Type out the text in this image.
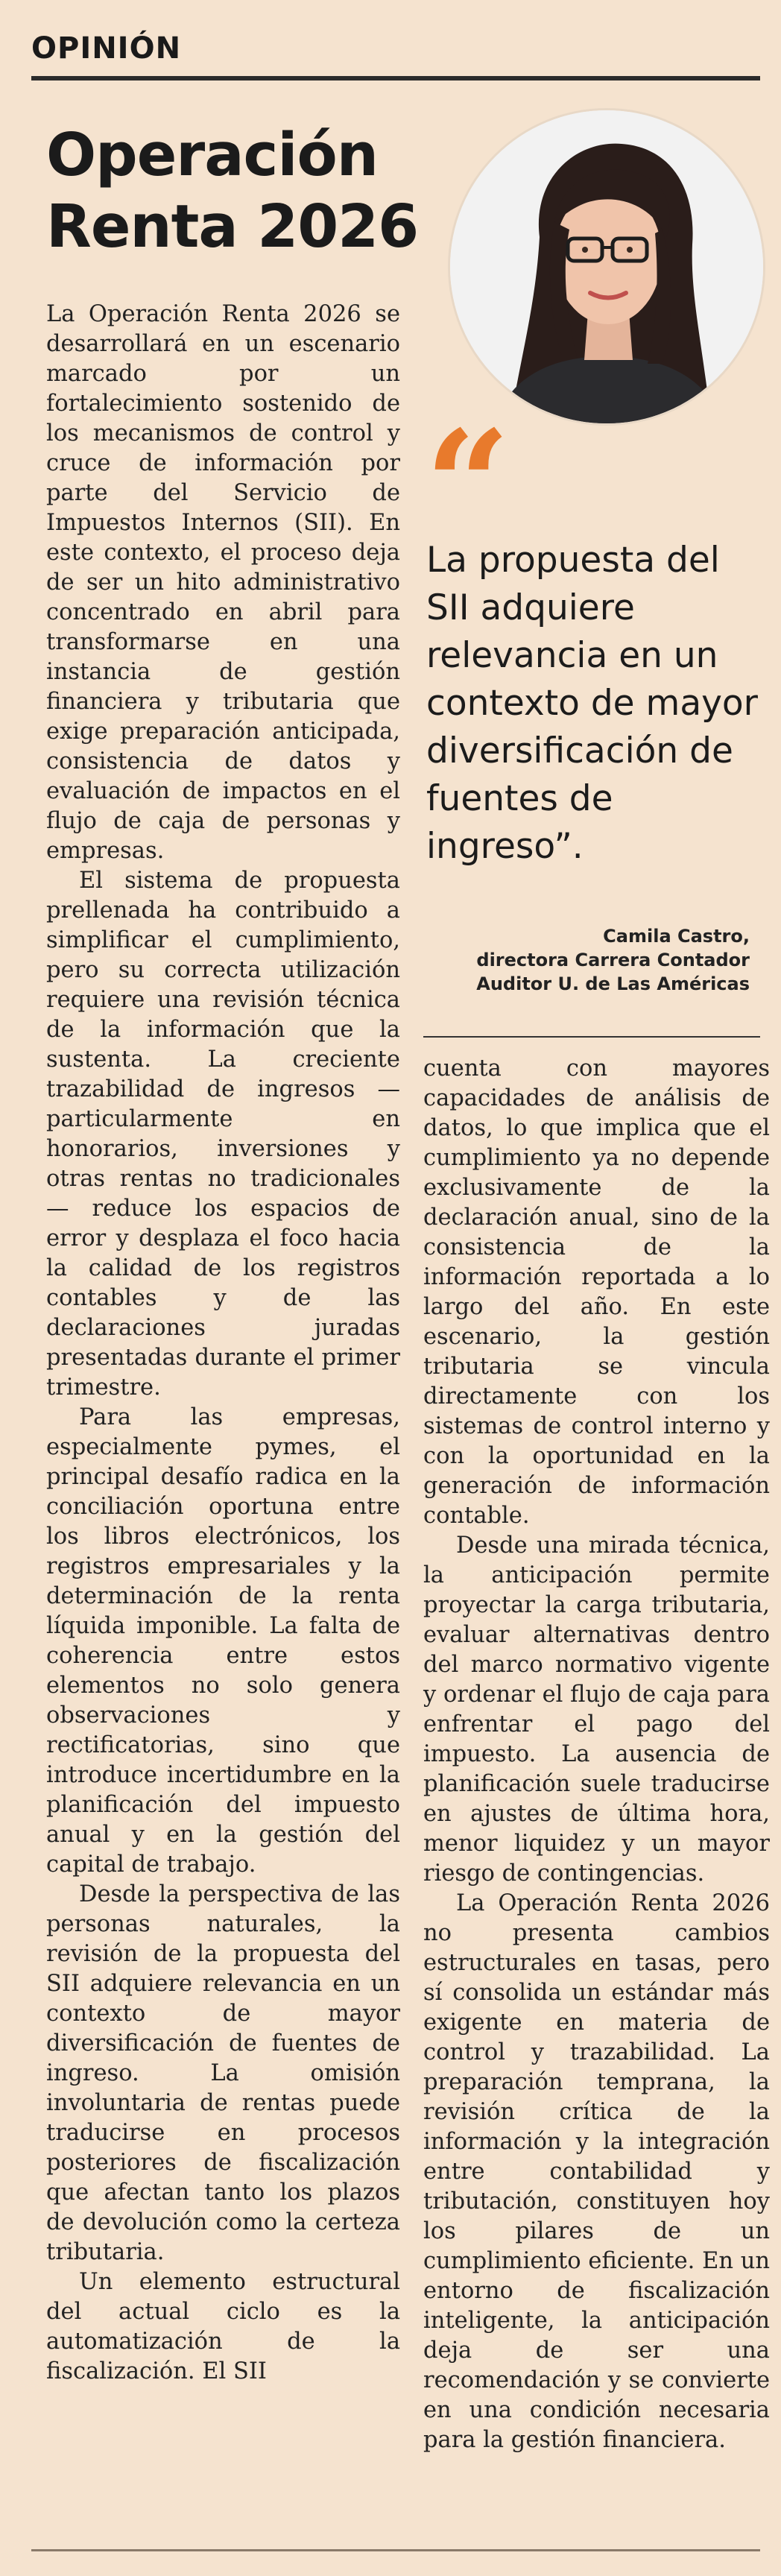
OPINIÓN
Operación
Renta 2026

La Operación Renta 2026 se desarrollará en un escenario marcado por un fortalecimiento sostenido de los mecanismos de control y cruce de información por parte del Servicio de Impuestos Internos (SII). En este contexto, el proceso deja de ser un hito administrativo concentrado en abril para transformarse en una instancia de gestión financiera y tributaria que exige preparación anticipada, consistencia de datos y evaluación de impactos en el flujo de caja de personas y empresas.

El sistema de propuesta prellenada ha contribuido a simplificar el cumplimiento, pero su correcta utilización requiere una revisión técnica de la información que la sustenta. La creciente trazabilidad de ingresos —particularmente en honorarios, inversiones y otras rentas no tradicionales— reduce los espacios de error y desplaza el foco hacia la calidad de los registros contables y de las declaraciones juradas presentadas durante el primer trimestre.

Para las empresas, especialmente pymes, el principal desafío radica en la conciliación oportuna entre los libros electrónicos, los registros empresariales y la determinación de la renta líquida imponible. La falta de coherencia entre estos elementos no solo genera observaciones y rectificatorias, sino que introduce incertidumbre en la planificación del impuesto anual y en la gestión del capital de trabajo.

Desde la perspectiva de las personas naturales, la revisión de la propuesta del SII adquiere relevancia en un contexto de mayor diversificación de fuentes de ingreso. La omisión involuntaria de rentas puede traducirse en procesos posteriores de fiscalización que afectan tanto los plazos de devolución como la certeza tributaria.

Un elemento estructural del actual ciclo es la automatización de la fiscalización. El SII

“

La propuesta del SII adquiere relevancia en un contexto de mayor diversificación de fuentes de ingreso”.

Camila Castro,
directora Carrera Contador
Auditor U. de Las Américas

cuenta con mayores capacidades de análisis de datos, lo que implica que el cumplimiento ya no depende exclusivamente de la declaración anual, sino de la consistencia de la información reportada a lo largo del año. En este escenario, la gestión tributaria se vincula directamente con los sistemas de control interno y con la oportunidad en la generación de información contable.

Desde una mirada técnica, la anticipación permite proyectar la carga tributaria, evaluar alternativas dentro del marco normativo vigente y ordenar el flujo de caja para enfrentar el pago del impuesto. La ausencia de planificación suele traducirse en ajustes de última hora, menor liquidez y un mayor riesgo de contingencias.

La Operación Renta 2026 no presenta cambios estructurales en tasas, pero sí consolida un estándar más exigente en materia de control y trazabilidad. La preparación temprana, la revisión crítica de la información y la integración entre contabilidad y tributación, constituyen hoy los pilares de un cumplimiento eficiente. En un entorno de fiscalización inteligente, la anticipación deja de ser una recomendación y se convierte en una condición necesaria para la gestión financiera.
